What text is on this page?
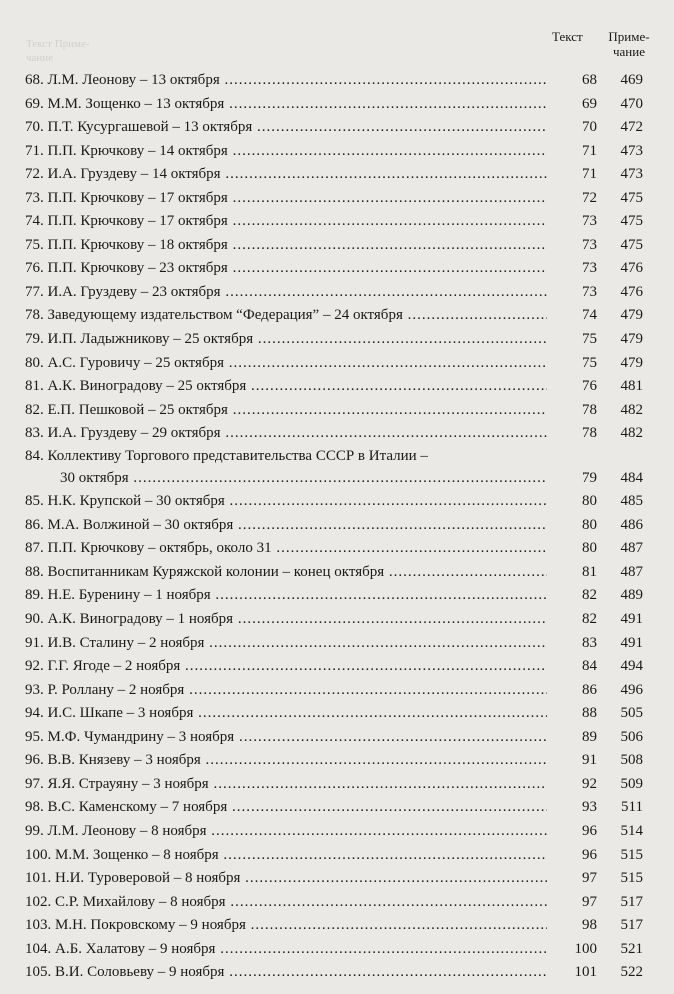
Текст Приме-
чание
Текст	Приме-
чание
68. Л.М. Леонову – 13 октября .....	68	469
69. М.М. Зощенко – 13 октября .....	69	470
70. П.Т. Кусургашевой – 13 октября .....	70	472
71. П.П. Крючкову – 14 октября .....	71	473
72. И.А. Груздеву – 14 октября .....	71	473
73. П.П. Крючкову – 17 октября .....	72	475
74. П.П. Крючкову – 17 октября .....	73	475
75. П.П. Крючкову – 18 октября .....	73	475
76. П.П. Крючкову – 23 октября .....	73	476
77. И.А. Груздеву – 23 октября .....	73	476
78. Заведующему издательством “Федерация” – 24 октября .....	74	479
79. И.П. Ладыжникову – 25 октября .....	75	479
80. А.С. Гуровичу – 25 октября .....	75	479
81. А.К. Виноградову – 25 октября .....	76	481
82. Е.П. Пешковой – 25 октября .....	78	482
83. И.А. Груздеву – 29 октября .....	78	482
84. Коллективу Торгового представительства СССР в Италии –
30 октября .....	79	484
85. Н.К. Крупской – 30 октября .....	80	485
86. М.А. Волжиной – 30 октября .....	80	486
87. П.П. Крючкову – октябрь, около 31 .....	80	487
88. Воспитанникам Куряжской колонии – конец октября .....	81	487
89. Н.Е. Буренину – 1 ноября .....	82	489
90. А.К. Виноградову – 1 ноября .....	82	491
91. И.В. Сталину – 2 ноября .....	83	491
92. Г.Г. Ягоде – 2 ноября .....	84	494
93. Р. Роллану – 2 ноября .....	86	496
94. И.С. Шкапе – 3 ноября .....	88	505
95. М.Ф. Чумандрину – 3 ноября .....	89	506
96. В.В. Князеву – 3 ноября .....	91	508
97. Я.Я. Страуяну – 3 ноября .....	92	509
98. В.С. Каменскому – 7 ноября .....	93	511
99. Л.М. Леонову – 8 ноября .....	96	514
100. М.М. Зощенко – 8 ноября .....	96	515
101. Н.И. Туроверовой – 8 ноября .....	97	515
102. С.Р. Михайлову – 8 ноября .....	97	517
103. М.Н. Покровскому – 9 ноября .....	98	517
104. А.Б. Халатову – 9 ноября .....	100	521
105. В.И. Соловьеву – 9 ноября .....	101	522
